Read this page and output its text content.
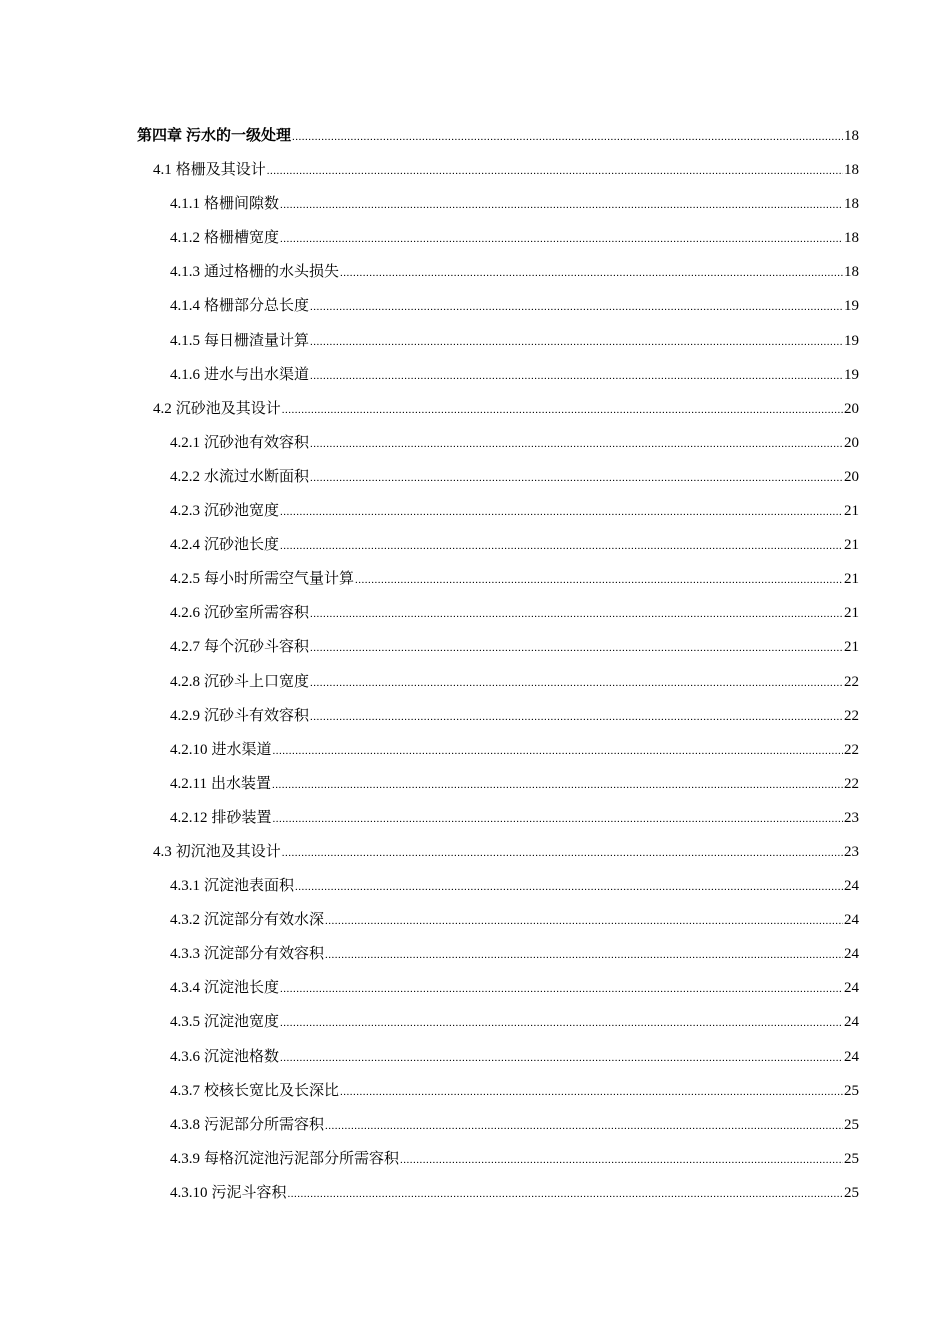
第四章 污水的一级处理 .....	18
4.1 格栅及其设计 .....	18
4.1.1 格栅间隙数 .....	18
4.1.2 格栅槽宽度 .....	18
4.1.3 通过格栅的水头损失 .....	18
4.1.4 格栅部分总长度 .....	19
4.1.5 每日栅渣量计算 .....	19
4.1.6 进水与出水渠道 .....	19
4.2 沉砂池及其设计 .....	20
4.2.1 沉砂池有效容积 .....	20
4.2.2 水流过水断面积 .....	20
4.2.3 沉砂池宽度 .....	21
4.2.4 沉砂池长度 .....	21
4.2.5 每小时所需空气量计算 .....	21
4.2.6 沉砂室所需容积 .....	21
4.2.7 每个沉砂斗容积 .....	21
4.2.8 沉砂斗上口宽度 .....	22
4.2.9 沉砂斗有效容积 .....	22
4.2.10 进水渠道 .....	22
4.2.11 出水装置 .....	22
4.2.12 排砂装置 .....	23
4.3 初沉池及其设计 .....	23
4.3.1 沉淀池表面积 .....	24
4.3.2 沉淀部分有效水深 .....	24
4.3.3 沉淀部分有效容积 .....	24
4.3.4 沉淀池长度 .....	24
4.3.5 沉淀池宽度 .....	24
4.3.6 沉淀池格数 .....	24
4.3.7 校核长宽比及长深比 .....	25
4.3.8 污泥部分所需容积 .....	25
4.3.9 每格沉淀池污泥部分所需容积 .....	25
4.3.10 污泥斗容积 .....	25
